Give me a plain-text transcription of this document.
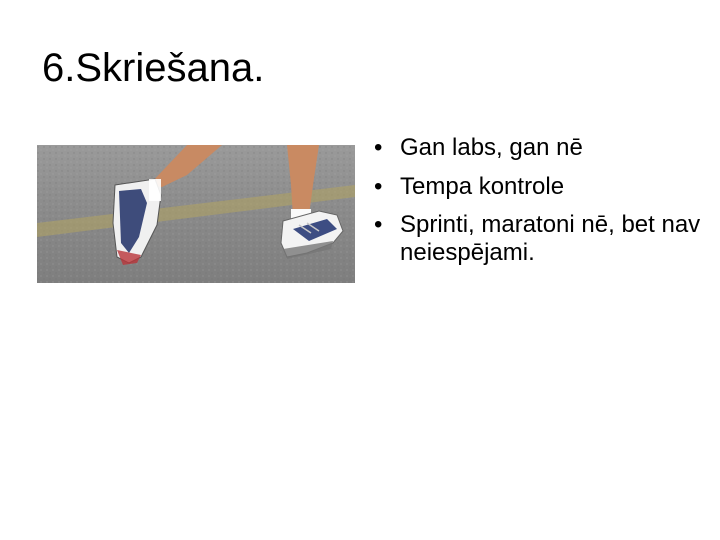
6.Skriešana.
• Gan labs, gan nē
• Tempa kontrole
• Sprinti, maratoni nē, bet nav neiespējami.
